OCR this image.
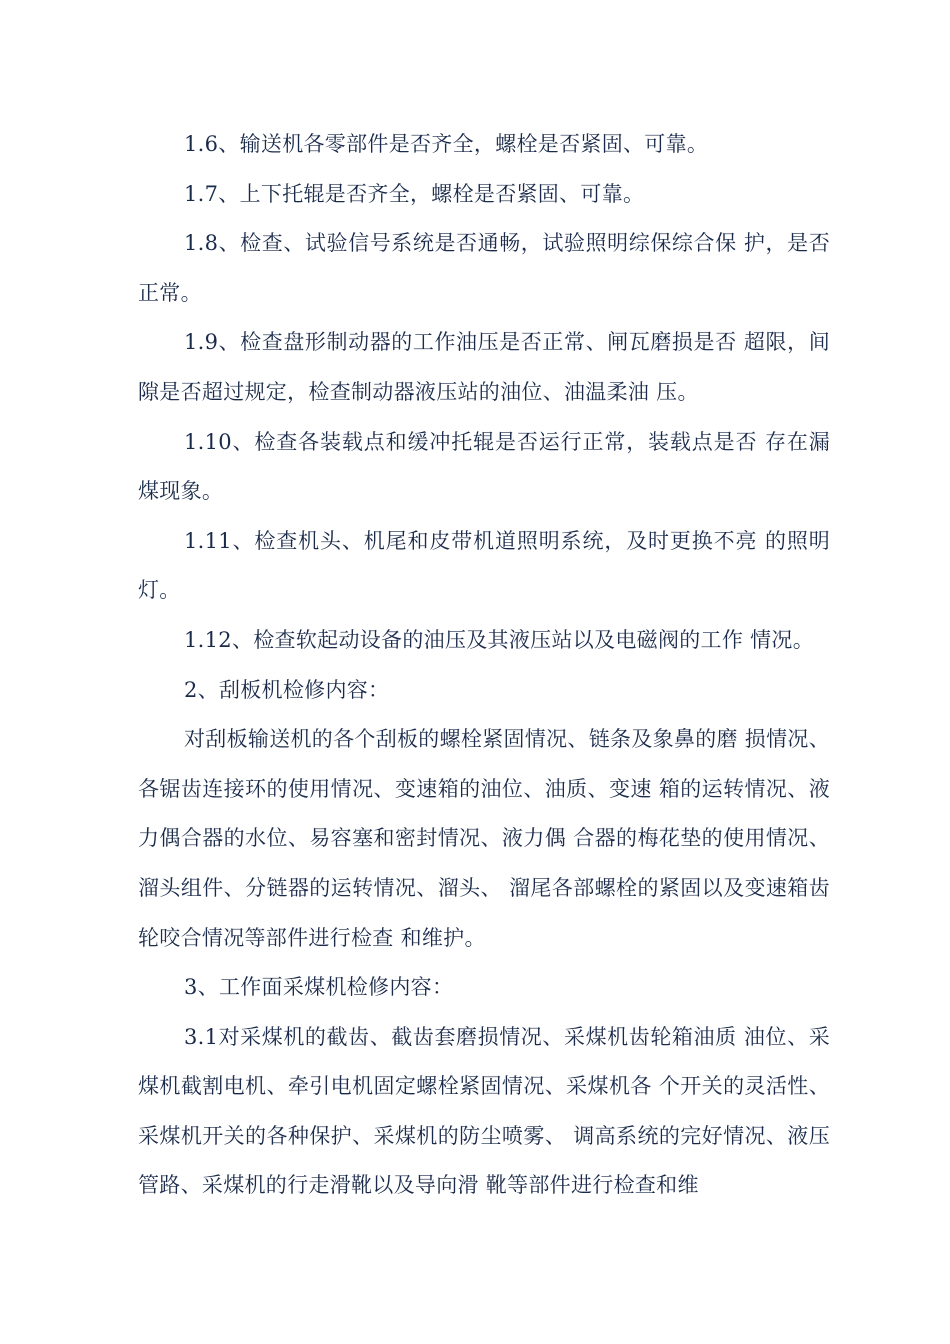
1.6、输送机各零部件是否齐全，螺栓是否紧固、可靠。

1.7、上下托辊是否齐全，螺栓是否紧固、可靠。

1.8、检查、试验信号系统是否通畅，试验照明综保综合保 护，是否正常。

1.9、检查盘形制动器的工作油压是否正常、闸瓦磨损是否 超限，间隙是否超过规定，检查制动器液压站的油位、油温柔油 压。

1.10、检查各装载点和缓冲托辊是否运行正常，装载点是否 存在漏煤现象。

1.11、检查机头、机尾和皮带机道照明系统，及时更换不亮 的照明灯。

1.12、检查软起动设备的油压及其液压站以及电磁阀的工作 情况。

2、刮板机检修内容：

对刮板输送机的各个刮板的螺栓紧固情况、链条及象鼻的磨 损情况、各锯齿连接环的使用情况、变速箱的油位、油质、变速 箱的运转情况、液力偶合器的水位、易容塞和密封情况、液力偶 合器的梅花垫的使用情况、溜头组件、分链器的运转情况、溜头、 溜尾各部螺栓的紧固以及变速箱齿轮咬合情况等部件进行检查 和维护。

3、工作面采煤机检修内容：

3.1对采煤机的截齿、截齿套磨损情况、采煤机齿轮箱油质 油位、采煤机截割电机、牵引电机固定螺栓紧固情况、采煤机各 个开关的灵活性、采煤机开关的各种保护、采煤机的防尘喷雾、 调高系统的完好情况、液压管路、采煤机的行走滑靴以及导向滑 靴等部件进行检查和维
